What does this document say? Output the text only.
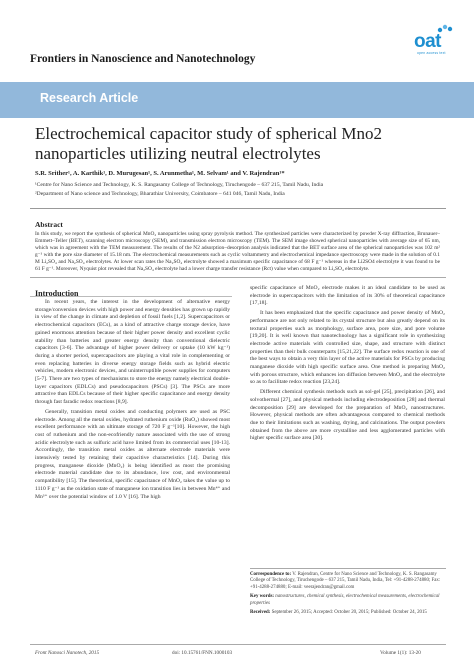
Frontiers in Nanoscience and Nanotechnology
oat
open access text
Research Article
Electrochemical capacitor study of spherical Mno2 nanoparticles utilizing neutral electrolytes
S.R. Srither¹, A. Karthik¹, D. Murugesan¹, S. Arunmetha¹, M. Selvam¹ and V. Rajendran¹*
¹Centre for Nano Science and Technology, K. S. Rangasamy College of Technology, Tiruchengode – 637 215, Tamil Nadu, India
²Department of Nano science and Technology, Bharathiar University, Coimbatore – 641 046, Tamil Nadu, India
Abstract
In this study, we report the synthesis of spherical MnO₂ nanoparticles using spray pyrolysis method. The synthesized particles were characterized by powder X-ray diffraction, Brunauer–Emmett–Teller (BET), scanning electron microscopy (SEM), and transmission electron microscopy (TEM). The SEM image showed spherical nanoparticles with average size of 65 nm, which was in agreement with the TEM measurement. The results of the N2 adsorption–desorption analysis indicated that the BET surface area of the spherical nanoparticles was 102 m² g⁻¹ with the pore size diameter of 15.18 nm. The electrochemical measurements such as cyclic voltammetry and electrochemical impedance spectroscopy were made in the solution of 0.1 M Li₂SO₄ and Na₂SO₄ electrolytes. At lower scan rates the Na₂SO₄ electrolyte showed a maximum specific capacitance of 68 F g⁻¹ whereas in the Li2SO4 electrolyte it was found to be 61 F g⁻¹. Moreover, Nyquist plot revealed that Na₂SO₄ electrolyte had a lower charge transfer resistance (Rct) value when compared to Li₂SO₄ electrolyte.
Introduction

In recent years, the interest in the development of alternative energy storage/conversion devices with high power and energy densities has grown up rapidly in view of the change in climate and depletion of fossil fuels [1,2]. Supercapacitors or electrochemical capacitors (ECs), as a kind of attractive charge storage device, have gained enormous attention because of their higher power density and excellent cyclic stability than batteries and greater energy density than conventional dielectric capacitors [3-6]. The advantage of higher power delivery or uptake (10 kW kg⁻¹) during a shorter period, supercapacitors are playing a vital role in complementing or even replacing batteries in diverse energy storage fields such as hybrid electric vehicles, modern electronic devices, and uninterruptible power supplies for computers [5-7]. There are two types of mechanisms to store the energy namely electrical double-layer capacitors (EDLCs) and pseudocapacitors (PSCs) [3]. The PSCs are more attractive than EDLCs because of their higher specific capacitance and energy density through fast faradic redox reactions [8,9].

Generally, transition metal oxides and conducting polymers are used as PSC electrode. Among all the metal oxides, hydrated ruthenium oxide (RuO₂) showed most excellent performance with an ultimate storage of 720 F g⁻¹[10]. However, the high cost of ruthenium and the non-ecofriendly nature associated with the use of strong acidic electrolyte such as sulfuric acid have limited from its commercial uses [10-13]. Accordingly, the transition metal oxides as alternate electrode materials were intensively tested by retaining their capacitive characteristics [14]. During this progress, manganese dioxide (MnO₂) is being identified as most the promising electrode material candidate due to its abundance, low cost, and environmental compatibility [15]. The theoretical, specific capacitance of MnO₂ takes the value up to 1110 F g⁻¹ as the oxidation state of manganese ion transition lies in between Mn⁴⁺ and Mn³⁺ over the potential window of 1.0 V [16]. The high

specific capacitance of MnO₂ electrode makes it an ideal candidate to be used as electrode in supercapacitors with the limitation of its 30% of theoretical capacitance [17,18].

It has been emphasized that the specific capacitance and power density of MnO₂ performance are not only related to its crystal structure but also greatly depend on its textural properties such as morphology, surface area, pore size, and pore volume [19,20]. It is well known that nanotechnology has a significant role in synthesizing electrode active materials with controlled size, shape, and structure with distinct properties than their bulk counterparts [15,21,22]. The surface redox reaction is one of the best ways to obtain a very thin layer of the active materials for PSCs by producing manganese dioxide with high specific surface area. One method is preparing MnO₂ with porous structure, which enhances ion diffusion between MnO₂ and the electrolyte so as to facilitate redox reaction [23,24].

Different chemical synthesis methods such as sol-gel [25], precipitation [26], and solvothermal [27], and physical methods including electrodeposition [28] and thermal decomposition [29] are developed for the preparation of MnO₂ nanostructures. However, physical methods are often advantageous compared to chemical methods due to their limitations such as washing, drying, and calcinations. The output powders obtained from the above are more crystalline and less agglomerated particles with higher specific surface area [30].

Correspondence to: V. Rajendran, Centre for Nano Science and Technology, K. S. Rangasamy College of Technology, Tiruchengode – 637 215, Tamil Nadu, India, Tel: +91-4288-274880; Fax: +91-4288-274880; E-mail: veerajendran@gmail.com
Key words: nanostructures, chemical synthesis, electrochemical measurements, electrochemical properties
Received: September 26, 2015; Accepted: October 20, 2015; Published: October 24, 2015
Front Nanosci Nanotech, 2015	doi: 10.15761/FNN.1000103	Volume 1(1): 13-20
